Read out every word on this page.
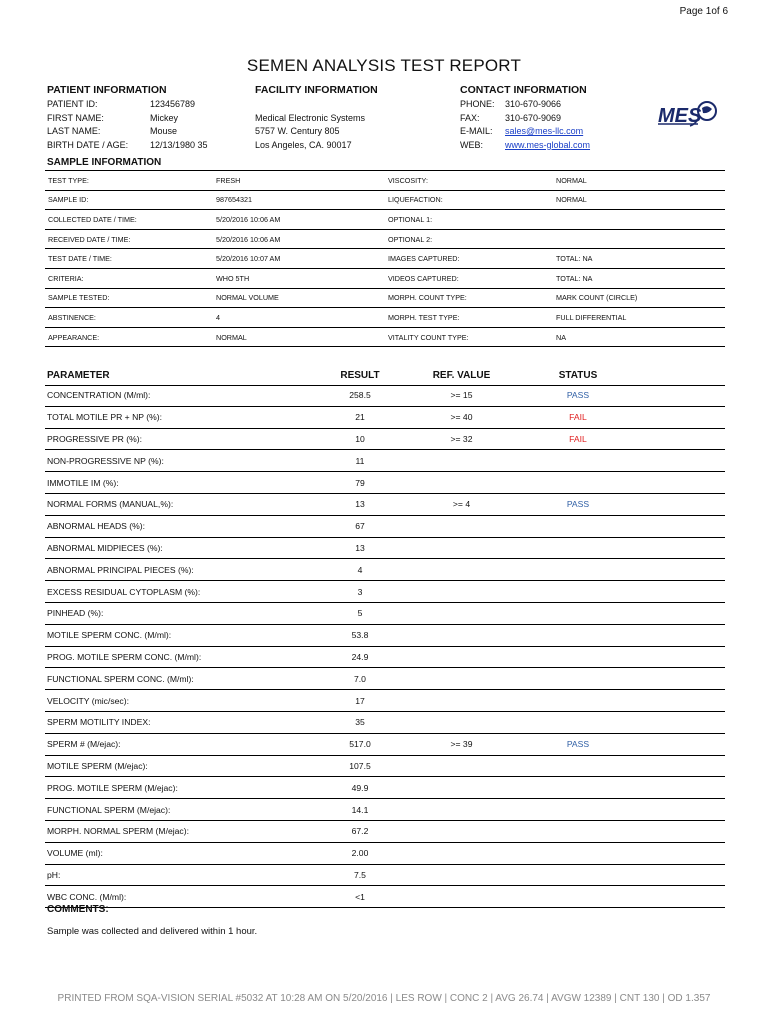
Page 1of 6
SEMEN ANALYSIS TEST REPORT
PATIENT INFORMATION
PATIENT ID:	123456789
FIRST NAME:	Mickey
LAST NAME:	Mouse
BIRTH DATE / AGE:	12/13/1980 35
FACILITY INFORMATION
Medical Electronic Systems
5757 W. Century 805
Los Angeles, CA. 90017
CONTACT INFORMATION
PHONE:	310-670-9066
FAX:	310-670-9069
E-MAIL:	sales@mes-llc.com
WEB:	www.mes-global.com
MES
SAMPLE INFORMATION
TEST TYPE:	FRESH	VISCOSITY:	NORMAL
SAMPLE ID:	987654321	LIQUEFACTION:	NORMAL
COLLECTED DATE / TIME:	5/20/2016 10:06 AM	OPTIONAL 1:
RECEIVED DATE / TIME:	5/20/2016 10:06 AM	OPTIONAL 2:
TEST DATE / TIME:	5/20/2016 10:07 AM	IMAGES CAPTURED:	TOTAL: NA
CRITERIA:	WHO 5TH	VIDEOS CAPTURED:	TOTAL: NA
SAMPLE TESTED:	NORMAL VOLUME	MORPH. COUNT TYPE:	MARK COUNT (CIRCLE)
ABSTINENCE:	4	MORPH. TEST TYPE:	FULL DIFFERENTIAL
APPEARANCE:	NORMAL	VITALITY COUNT TYPE:	NA
PARAMETER	RESULT	REF. VALUE	STATUS
CONCENTRATION (M/ml):	258.5	>= 15	PASS
TOTAL MOTILE PR + NP (%):	21	>= 40	FAIL
PROGRESSIVE PR (%):	10	>= 32	FAIL
NON-PROGRESSIVE NP (%):	11
IMMOTILE IM (%):	79
NORMAL FORMS (MANUAL,%):	13	>= 4	PASS
ABNORMAL HEADS (%):	67
ABNORMAL MIDPIECES (%):	13
ABNORMAL PRINCIPAL PIECES (%):	4
EXCESS RESIDUAL CYTOPLASM (%):	3
PINHEAD (%):	5
MOTILE SPERM CONC. (M/ml):	53.8
PROG. MOTILE SPERM CONC. (M/ml):	24.9
FUNCTIONAL SPERM CONC. (M/ml):	7.0
VELOCITY (mic/sec):	17
SPERM MOTILITY INDEX:	35
SPERM # (M/ejac):	517.0	>= 39	PASS
MOTILE SPERM (M/ejac):	107.5
PROG. MOTILE SPERM (M/ejac):	49.9
FUNCTIONAL SPERM (M/ejac):	14.1
MORPH. NORMAL SPERM (M/ejac):	67.2
VOLUME (ml):	2.00
pH:	7.5
WBC CONC. (M/ml):	<1
COMMENTS:
Sample was collected and delivered within 1 hour.
PRINTED FROM SQA-VISION SERIAL #5032 AT 10:28 AM ON 5/20/2016 | LES ROW | CONC 2 | AVG 26.74 | AVGW 12389 | CNT 130 | OD 1.357
